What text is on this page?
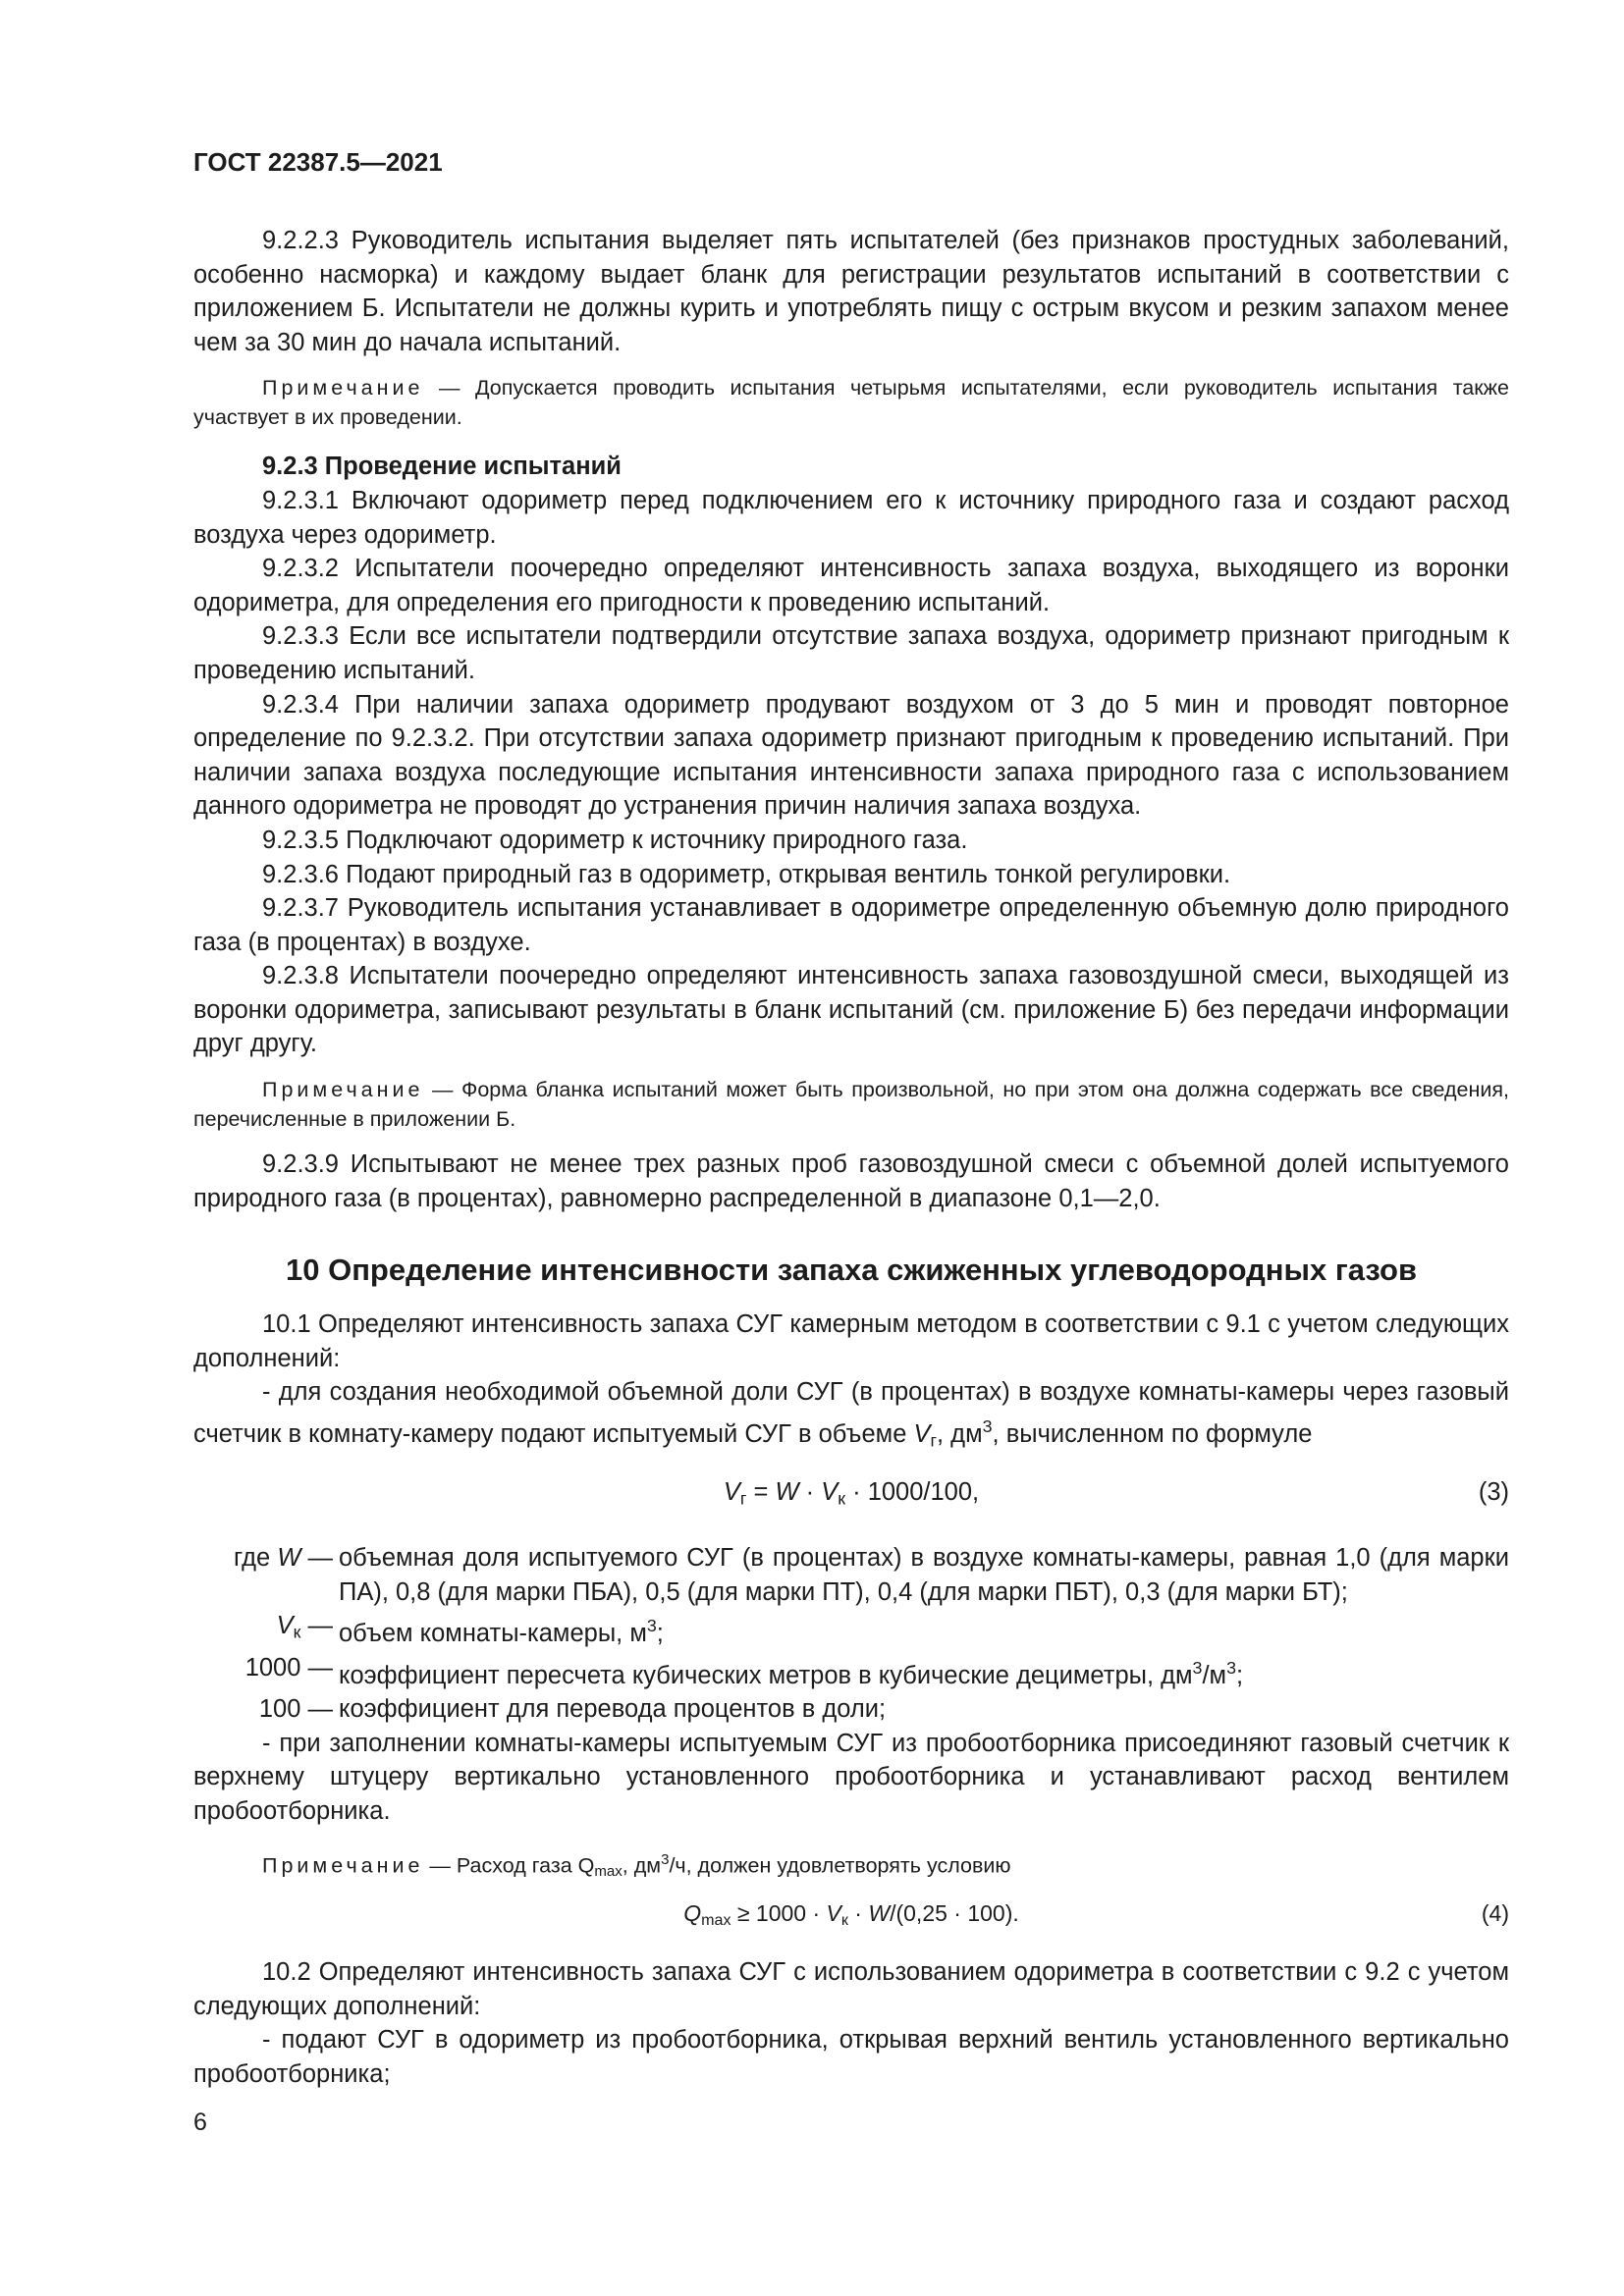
ГОСТ 22387.5—2021

9.2.2.3 Руководитель испытания выделяет пять испытателей (без признаков простудных заболеваний, особенно насморка) и каждому выдает бланк для регистрации результатов испытаний в соответствии с приложением Б. Испытатели не должны курить и употреблять пищу с острым вкусом и резким запахом менее чем за 30 мин до начала испытаний.

Примечание — Допускается проводить испытания четырьмя испытателями, если руководитель испытания также участвует в их проведении.

9.2.3 Проведение испытаний

9.2.3.1 Включают одориметр перед подключением его к источнику природного газа и создают расход воздуха через одориметр.

9.2.3.2 Испытатели поочередно определяют интенсивность запаха воздуха, выходящего из воронки одориметра, для определения его пригодности к проведению испытаний.

9.2.3.3 Если все испытатели подтвердили отсутствие запаха воздуха, одориметр признают пригодным к проведению испытаний.

9.2.3.4 При наличии запаха одориметр продувают воздухом от 3 до 5 мин и проводят повторное определение по 9.2.3.2. При отсутствии запаха одориметр признают пригодным к проведению испытаний. При наличии запаха воздуха последующие испытания интенсивности запаха природного газа с использованием данного одориметра не проводят до устранения причин наличия запаха воздуха.

9.2.3.5 Подключают одориметр к источнику природного газа.

9.2.3.6 Подают природный газ в одориметр, открывая вентиль тонкой регулировки.

9.2.3.7 Руководитель испытания устанавливает в одориметре определенную объемную долю природного газа (в процентах) в воздухе.

9.2.3.8 Испытатели поочередно определяют интенсивность запаха газовоздушной смеси, выходящей из воронки одориметра, записывают результаты в бланк испытаний (см. приложение Б) без передачи информации друг другу.

Примечание — Форма бланка испытаний может быть произвольной, но при этом она должна содержать все сведения, перечисленные в приложении Б.

9.2.3.9 Испытывают не менее трех разных проб газовоздушной смеси с объемной долей испытуемого природного газа (в процентах), равномерно распределенной в диапазоне 0,1—2,0.

10 Определение интенсивности запаха сжиженных углеводородных газов

10.1 Определяют интенсивность запаха СУГ камерным методом в соответствии с 9.1 с учетом следующих дополнений:

- для создания необходимой объемной доли СУГ (в процентах) в воздухе комнаты-камеры через газовый счетчик в комнату-камеру подают испытуемый СУГ в объеме $V_г$, $дм^3$, вычисленном по формуле

$V_г = W \cdot V_к \cdot 1000/100$,	(3)
где W — объемная доля испытуемого СУГ (в процентах) в воздухе комнаты-камеры, равная 1,0 (для марки ПА), 0,8 (для марки ПБА), 0,5 (для марки ПТ), 0,4 (для марки ПБТ), 0,3 (для марки БТ);
$V_к$ — объем комнаты-камеры, $м^3$;
1000 — коэффициент пересчета кубических метров в кубические дециметры, $дм^3/м^3$;
100 — коэффициент для перевода процентов в доли;

- при заполнении комнаты-камеры испытуемым СУГ из пробоотборника присоединяют газовый счетчик к верхнему штуцеру вертикально установленного пробоотборника и устанавливают расход вентилем пробоотборника.

Примечание — Расход газа $Q_{max}$, $дм^3/ч$, должен удовлетворять условию

$Q_{max} \ge 1000 \cdot V_к \cdot W/(0,25 \cdot 100)$.	(4)

10.2 Определяют интенсивность запаха СУГ с использованием одориметра в соответствии с 9.2 с учетом следующих дополнений:

- подают СУГ в одориметр из пробоотборника, открывая верхний вентиль установленного вертикально пробоотборника;

6
